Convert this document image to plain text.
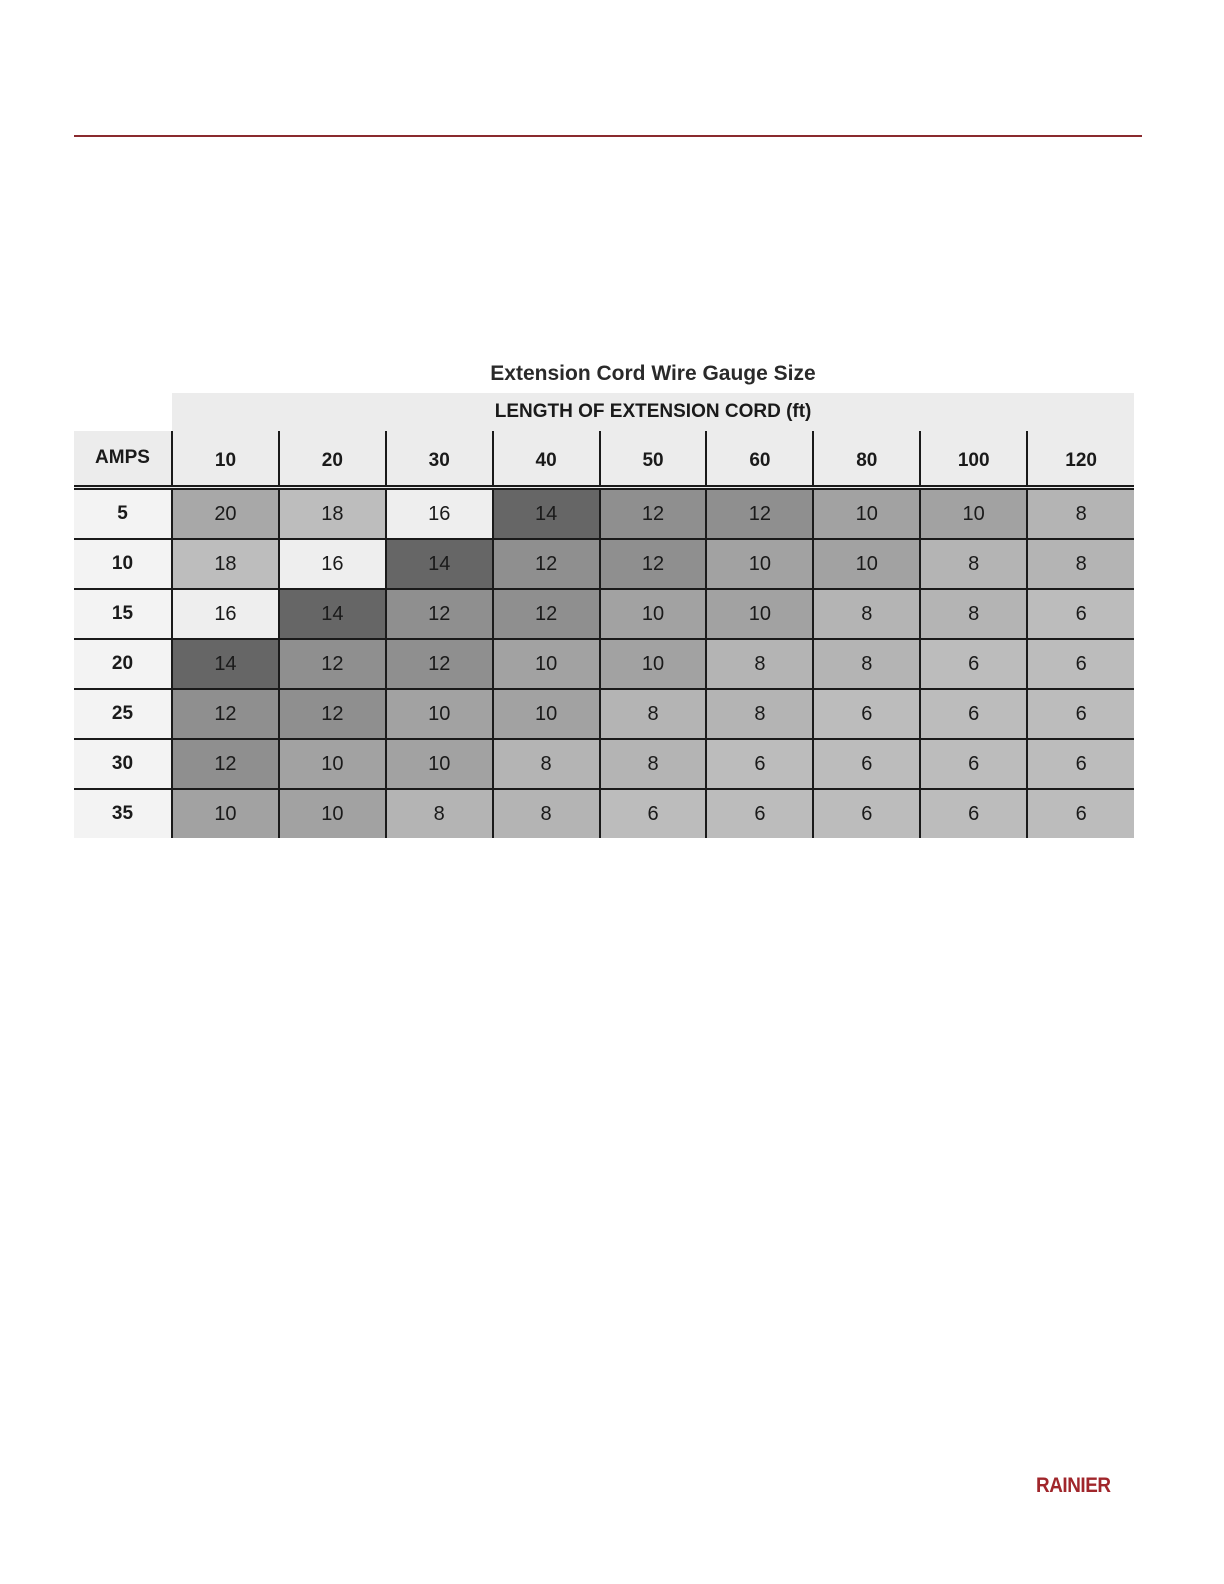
Extension Cord Wire Gauge Size
	LENGTH OF EXTENSION CORD (ft)								
AMPS	10	20	30	40	50	60	80	100	120
5	20	18	16	14	12	12	10	10	8
10	18	16	14	12	12	10	10	8	8
15	16	14	12	12	10	10	8	8	6
20	14	12	12	10	10	8	8	6	6
25	12	12	10	10	8	8	6	6	6
30	12	10	10	8	8	6	6	6	6
35	10	10	8	8	6	6	6	6	6
RAINIER
